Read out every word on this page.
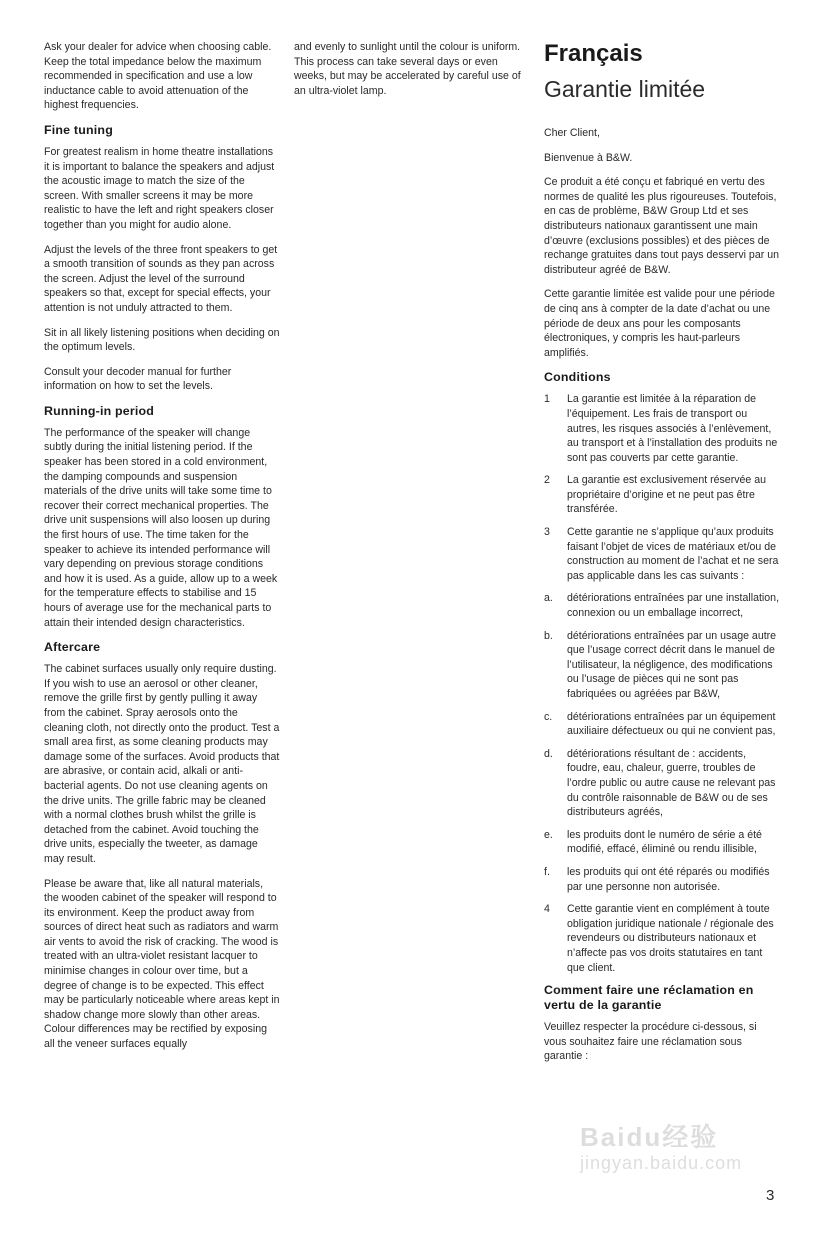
Ask your dealer for advice when choosing cable. Keep the total impedance below the maximum recommended in specification and use a low inductance cable to avoid attenuation of the highest frequencies.

Fine tuning

For greatest realism in home theatre installations it is important to balance the speakers and adjust the acoustic image to match the size of the screen. With smaller screens it may be more realistic to have the left and right speakers closer together than you might for audio alone.

Adjust the levels of the three front speakers to get a smooth transition of sounds as they pan across the screen. Adjust the level of the surround speakers so that, except for special effects, your attention is not unduly attracted to them.

Sit in all likely listening positions when deciding on the optimum levels.

Consult your decoder manual for further information on how to set the levels.

Running-in period

The performance of the speaker will change subtly during the initial listening period. If the speaker has been stored in a cold environment, the damping compounds and suspension materials of the drive units will take some time to recover their correct mechanical properties. The drive unit suspensions will also loosen up during the first hours of use. The time taken for the speaker to achieve its intended performance will vary depending on previous storage conditions and how it is used. As a guide, allow up to a week for the temperature effects to stabilise and 15 hours of average use for the mechanical parts to attain their intended design characteristics.

Aftercare

The cabinet surfaces usually only require dusting. If you wish to use an aerosol or other cleaner, remove the grille first by gently pulling it away from the cabinet. Spray aerosols onto the cleaning cloth, not directly onto the product. Test a small area first, as some cleaning products may damage some of the surfaces. Avoid products that are abrasive, or contain acid, alkali or anti-bacterial agents. Do not use cleaning agents on the drive units. The grille fabric may be cleaned with a normal clothes brush whilst the grille is detached from the cabinet. Avoid touching the drive units, especially the tweeter, as damage may result.

Please be aware that, like all natural materials, the wooden cabinet of the speaker will respond to its environment. Keep the product away from sources of direct heat such as radiators and warm air vents to avoid the risk of cracking. The wood is treated with an ultra-violet resistant lacquer to minimise changes in colour over time, but a degree of change is to be expected. This effect may be particularly noticeable where areas kept in shadow change more slowly than other areas. Colour differences may be rectified by exposing all the veneer surfaces equally

and evenly to sunlight until the colour is uniform. This process can take several days or even weeks, but may be accelerated by careful use of an ultra-violet lamp.

Français
Garantie limitée

Cher Client,

Bienvenue à B&W.

Ce produit a été conçu et fabriqué en vertu des normes de qualité les plus rigoureuses. Toutefois, en cas de problème, B&W Group Ltd et ses distributeurs nationaux garantissent une main d’œuvre (exclusions possibles) et des pièces de rechange gratuites dans tout pays desservi par un distributeur agréé de B&W.

Cette garantie limitée est valide pour une période de cinq ans à compter de la date d’achat ou une période de deux ans pour les composants électroniques, y compris les haut-parleurs amplifiés.

Conditions
1	La garantie est limitée à la réparation de l’équipement. Les frais de transport ou autres, les risques associés à l’enlèvement, au transport et à l’installation des produits ne sont pas couverts par cette garantie.
2	La garantie est exclusivement réservée au propriétaire d’origine et ne peut pas être transférée.
3	Cette garantie ne s’applique qu’aux produits faisant l’objet de vices de matériaux et/ou de construction au moment de l’achat et ne sera pas applicable dans les cas suivants :
a.	détériorations entraînées par une installation, connexion ou un emballage incorrect,
b.	détériorations entraînées par un usage autre que l’usage correct décrit dans le manuel de l’utilisateur, la négligence, des modifications ou l’usage de pièces qui ne sont pas fabriquées ou agréées par B&W,
c.	détériorations entraînées par un équipement auxiliaire défectueux ou qui ne convient pas,
d.	détériorations résultant de : accidents, foudre, eau, chaleur, guerre, troubles de l’ordre public ou autre cause ne relevant pas du contrôle raisonnable de B&W ou de ses distributeurs agréés,
e.	les produits dont le numéro de série a été modifié, effacé, éliminé ou rendu illisible,
f.	les produits qui ont été réparés ou modifiés par une personne non autorisée.
4	Cette garantie vient en complément à toute obligation juridique nationale / régionale des revendeurs ou distributeurs nationaux et n’affecte pas vos droits statutaires en tant que client.
Comment faire une réclamation en vertu de la garantie

Veuillez respecter la procédure ci-dessous, si vous souhaitez faire une réclamation sous garantie :

Baidu经验
jingyan.baidu.com
3
